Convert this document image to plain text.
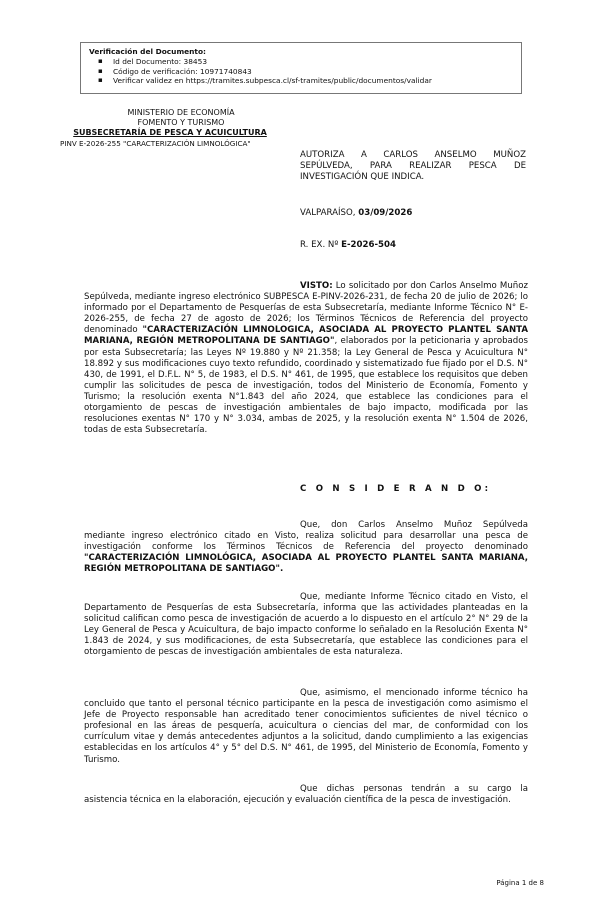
Verificación del Documento:
▪ Id del Documento: 38453
▪ Código de verificación: 10971740843
▪ Verificar validez en https://tramites.subpesca.cl/sf-tramites/public/documentos/validar
MINISTERIO DE ECONOMÍA
FOMENTO Y TURISMO
SUBSECRETARÍA DE PESCA Y ACUICULTURA
PINV E-2026-255 "CARACTERIZACIÓN LIMNOLÓGICA"
AUTORIZA A CARLOS ANSELMO MUÑOZ SEPÚLVEDA, PARA REALIZAR PESCA DE
INVESTIGACIÓN QUE INDICA.
VALPARAÍSO, 03/09/2026
R. EX. Nº E-2026-504
VISTO: Lo solicitado por don Carlos Anselmo Muñoz Sepúlveda, mediante ingreso electrónico SUBPESCA E-PINV-2026-231, de fecha 20 de julio de 2026; lo informado por el Departamento de Pesquerías de esta Subsecretaría, mediante Informe Técnico N° E-2026-255, de fecha 27 de agosto de 2026; los Términos Técnicos de Referencia del proyecto denominado "CARACTERIZACIÓN LIMNOLOGICA, ASOCIADA AL PROYECTO PLANTEL SANTA MARIANA, REGIÓN METROPOLITANA DE SANTIAGO", elaborados por la peticionaria y aprobados por esta Subsecretaría; las Leyes Nº 19.880 y Nº 21.358; la Ley General de Pesca y Acuicultura N° 18.892 y sus modificaciones cuyo texto refundido, coordinado y sistematizado fue fijado por el D.S. N° 430, de 1991, el D.F.L. N° 5, de 1983, el D.S. N° 461, de 1995, que establece los requisitos que deben cumplir las solicitudes de pesca de investigación, todos del Ministerio de Economía, Fomento y Turismo; la resolución exenta N°1.843 del año 2024, que establece las condiciones para el otorgamiento de pescas de investigación ambientales de bajo impacto, modificada por las resoluciones exentas N° 170 y N° 3.034, ambas de 2025, y la resolución exenta N° 1.504 de 2026, todas de esta Subsecretaría.
C O N S I D E R A N D O:
Que, don Carlos Anselmo Muñoz Sepúlveda mediante ingreso electrónico citado en Visto, realiza solicitud para desarrollar una pesca de investigación conforme los Términos Técnicos de Referencia del proyecto denominado "CARACTERIZACIÓN LIMNOLÓGICA, ASOCIADA AL PROYECTO PLANTEL SANTA MARIANA, REGIÓN METROPOLITANA DE SANTIAGO".
Que, mediante Informe Técnico citado en Visto, el Departamento de Pesquerías de esta Subsecretaría, informa que las actividades planteadas en la solicitud califican como pesca de investigación de acuerdo a lo dispuesto en el artículo 2° N° 29 de la Ley General de Pesca y Acuicultura, de bajo impacto conforme lo señalado en la Resolución Exenta N° 1.843 de 2024, y sus modificaciones, de esta Subsecretaría, que establece las condiciones para el otorgamiento de pescas de investigación ambientales de esta naturaleza.
Que, asimismo, el mencionado informe técnico ha concluido que tanto el personal técnico participante en la pesca de investigación como asimismo el Jefe de Proyecto responsable han acreditado tener conocimientos suficientes de nivel técnico o profesional en las áreas de pesquería, acuicultura o ciencias del mar, de conformidad con los currículum vitae y demás antecedentes adjuntos a la solicitud, dando cumplimiento a las exigencias establecidas en los artículos 4° y 5° del D.S. N° 461, de 1995, del Ministerio de Economía, Fomento y Turismo.
Que dichas personas tendrán a su cargo la asistencia técnica en la elaboración, ejecución y evaluación científica de la pesca de investigación.
Página 1 de 8
